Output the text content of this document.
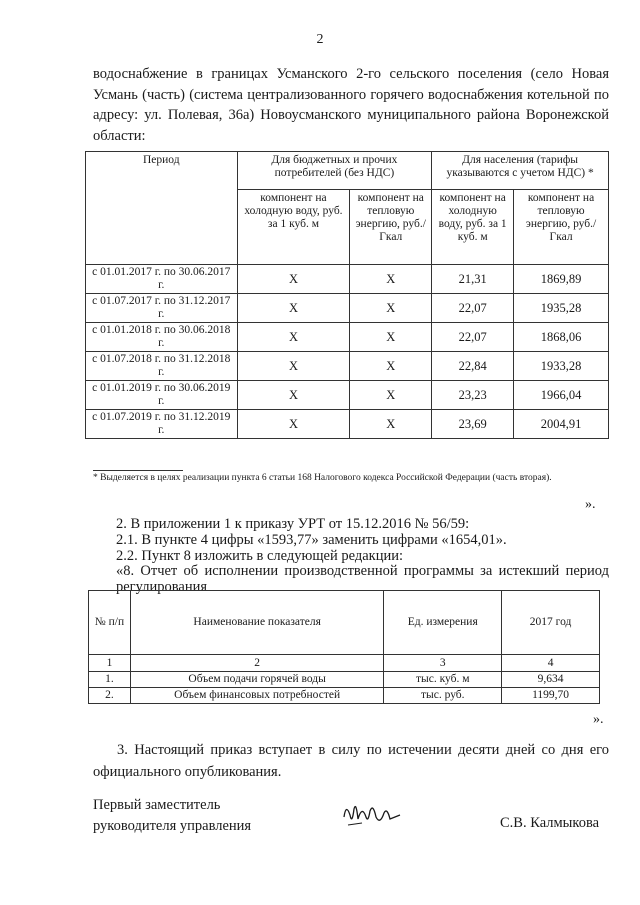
2
водоснабжение в границах Усманского 2-го сельского поселения (село Новая Усмань (часть) (система централизованного горячего водоснабжения котельной по адресу: ул. Полевая, 36а) Новоусманского муниципального района Воронежской области:
Период	Для бюджетных и прочих потребителей (без НДС)		Для населения (тарифы указываются с учетом НДС) *	
	компонент на холодную воду, руб. за 1 куб. м	компонент на тепловую энергию, руб./Гкал	компонент на холодную воду, руб. за 1 куб. м	компонент на тепловую энергию, руб./Гкал
с 01.01.2017 г. по 30.06.2017 г.	X	X	21,31	1869,89
с 01.07.2017 г. по 31.12.2017 г.	X	X	22,07	1935,28
с 01.01.2018 г. по 30.06.2018 г.	X	X	22,07	1868,06
с 01.07.2018 г. по 31.12.2018 г.	X	X	22,84	1933,28
с 01.01.2019 г. по 30.06.2019 г.	X	X	23,23	1966,04
с 01.07.2019 г. по 31.12.2019 г.	X	X	23,69	2004,91
* Выделяется в целях реализации пункта 6 статьи 168 Налогового кодекса Российской Федерации (часть вторая).
».
2. В приложении 1 к приказу УРТ от 15.12.2016 № 56/59:
2.1. В пункте 4 цифры «1593,77» заменить цифрами «1654,01».
2.2. Пункт 8 изложить в следующей редакции:
«8. Отчет об исполнении производственной программы за истекший период регулирования
№ п/п	Наименование показателя	Ед. измерения	2017 год
1	2	3	4
1.	Объем подачи горячей воды	тыс. куб. м	9,634
2.	Объем финансовых потребностей	тыс. руб.	1199,70
».
3. Настоящий приказ вступает в силу по истечении десяти дней со дня его официального опубликования.
Первый заместитель
руководителя управления	С.В. Калмыкова
